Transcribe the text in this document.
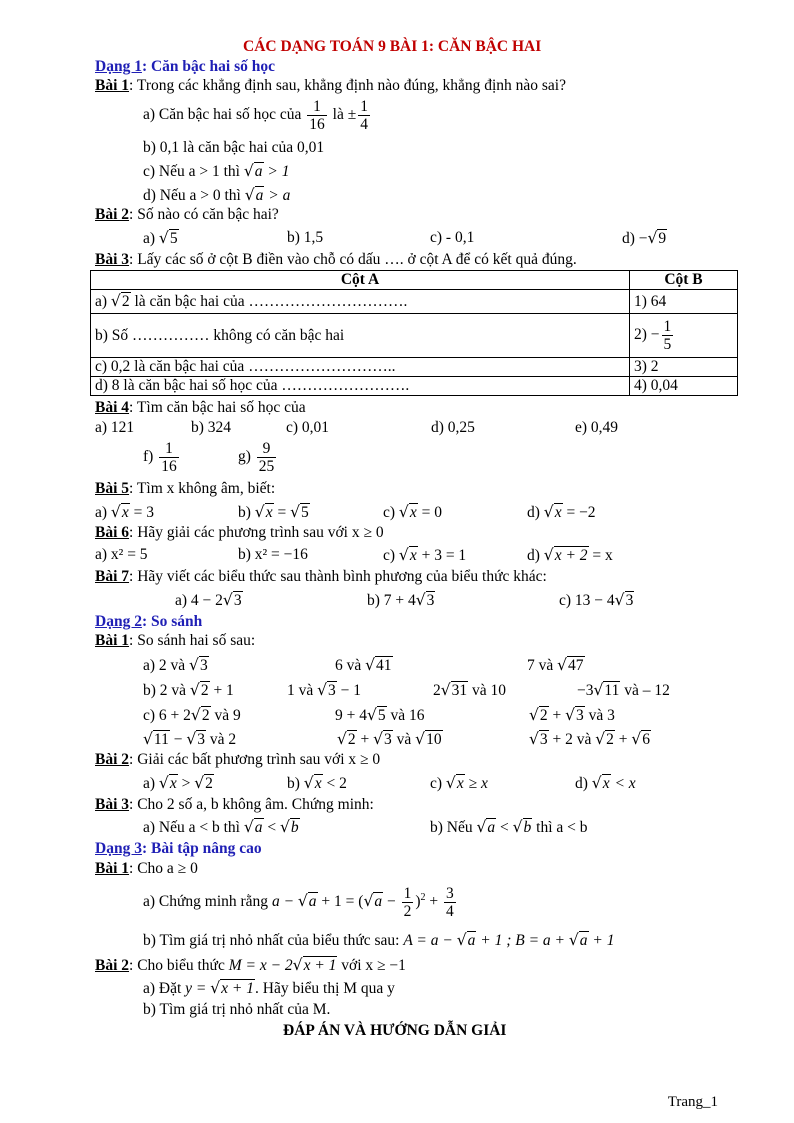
CÁC DẠNG TOÁN 9 BÀI 1: CĂN BẬC HAI
Dạng 1: Căn bậc hai số học
Bài 1: Trong các khẳng định sau, khẳng định nào đúng, khẳng định nào sai?
a) Căn bậc hai số học của $\frac{1}{16}$ là ± $\frac{1}{4}$
b) 0,1 là căn bậc hai của 0,01
c) Nếu a > 1 thì √a > 1
d) Nếu a > 0 thì √a > a
Bài 2: Số nào có căn bậc hai?
a) √5	b) 1,5	c) - 0,1	d) −√9
Bài 3: Lấy các số ở cột B điền vào chỗ có dấu …. ở cột A để có kết quả đúng.
Cột A	Cột B
a) √2 là căn bậc hai của ………………………….	1) 64
b) Số …………… không có căn bậc hai	$2) - \frac{1}{5}$

c) 0,2 là căn bậc hai của ………………………..	3) 2
d) 8 là căn bậc hai số học của …………………….	4) 0,04
Bài 4: Tìm căn bậc hai số học của
a) 121	b) 324	c) 0,01	d) 0,25	e) 0,49
$f) \frac{1}{16}$	$g) \frac{9}{25}$
Bài 5: Tìm x không âm, biết:
a) √x = 3	b) √x = √5	c) √x = 0	d) √x = −2
Bài 6: Hãy giải các phương trình sau với x ≥ 0
a) x² = 5	b) x² = −16	c) √x + 3 = 1	d) √x + 2 = x
Bài 7: Hãy viết các biểu thức sau thành bình phương của biểu thức khác:
a) 4 − 2√3	b) 7 + 4√3	c) 13 − 4√3
Dạng 2: So sánh
Bài 1: So sánh hai số sau:
a) 2 và √3	6 và √41	7 và √47
b) 2 và √2 + 1	1 và √3 − 1	2√31 và 10	−3√11 và – 12
c) 6 + 2√2 và 9	9 + 4√5 và 16	√2 + √3 và 3
√11 − √3 và 2	√2 + √3 và √10	√3 + 2 và √2 + √6
Bài 2: Giải các bất phương trình sau với x ≥ 0
a) √x > √2	b) √x < 2	c) √x ≥ x	d) √x < x
Bài 3: Cho 2 số a, b không âm. Chứng minh:
a) Nếu a < b thì √a < √b	b) Nếu √a < √b thì a < b
Dạng 3: Bài tập nâng cao
Bài 1: Cho a ≥ 0
a) Chứng minh rằng $a - √a + 1 = (√a - \frac{1}{2} )^2 + \frac{3}{4}$
b) Tìm giá trị nhỏ nhất của biểu thức sau: A = a − √a + 1 ; B = a + √a + 1
Bài 2: Cho biểu thức M = x − 2√x + 1 với x ≥ −1
a) Đặt y = √x + 1. Hãy biểu thị M qua y
b) Tìm giá trị nhỏ nhất của M.
ĐÁP ÁN VÀ HƯỚNG DẪN GIẢI
Trang_1
